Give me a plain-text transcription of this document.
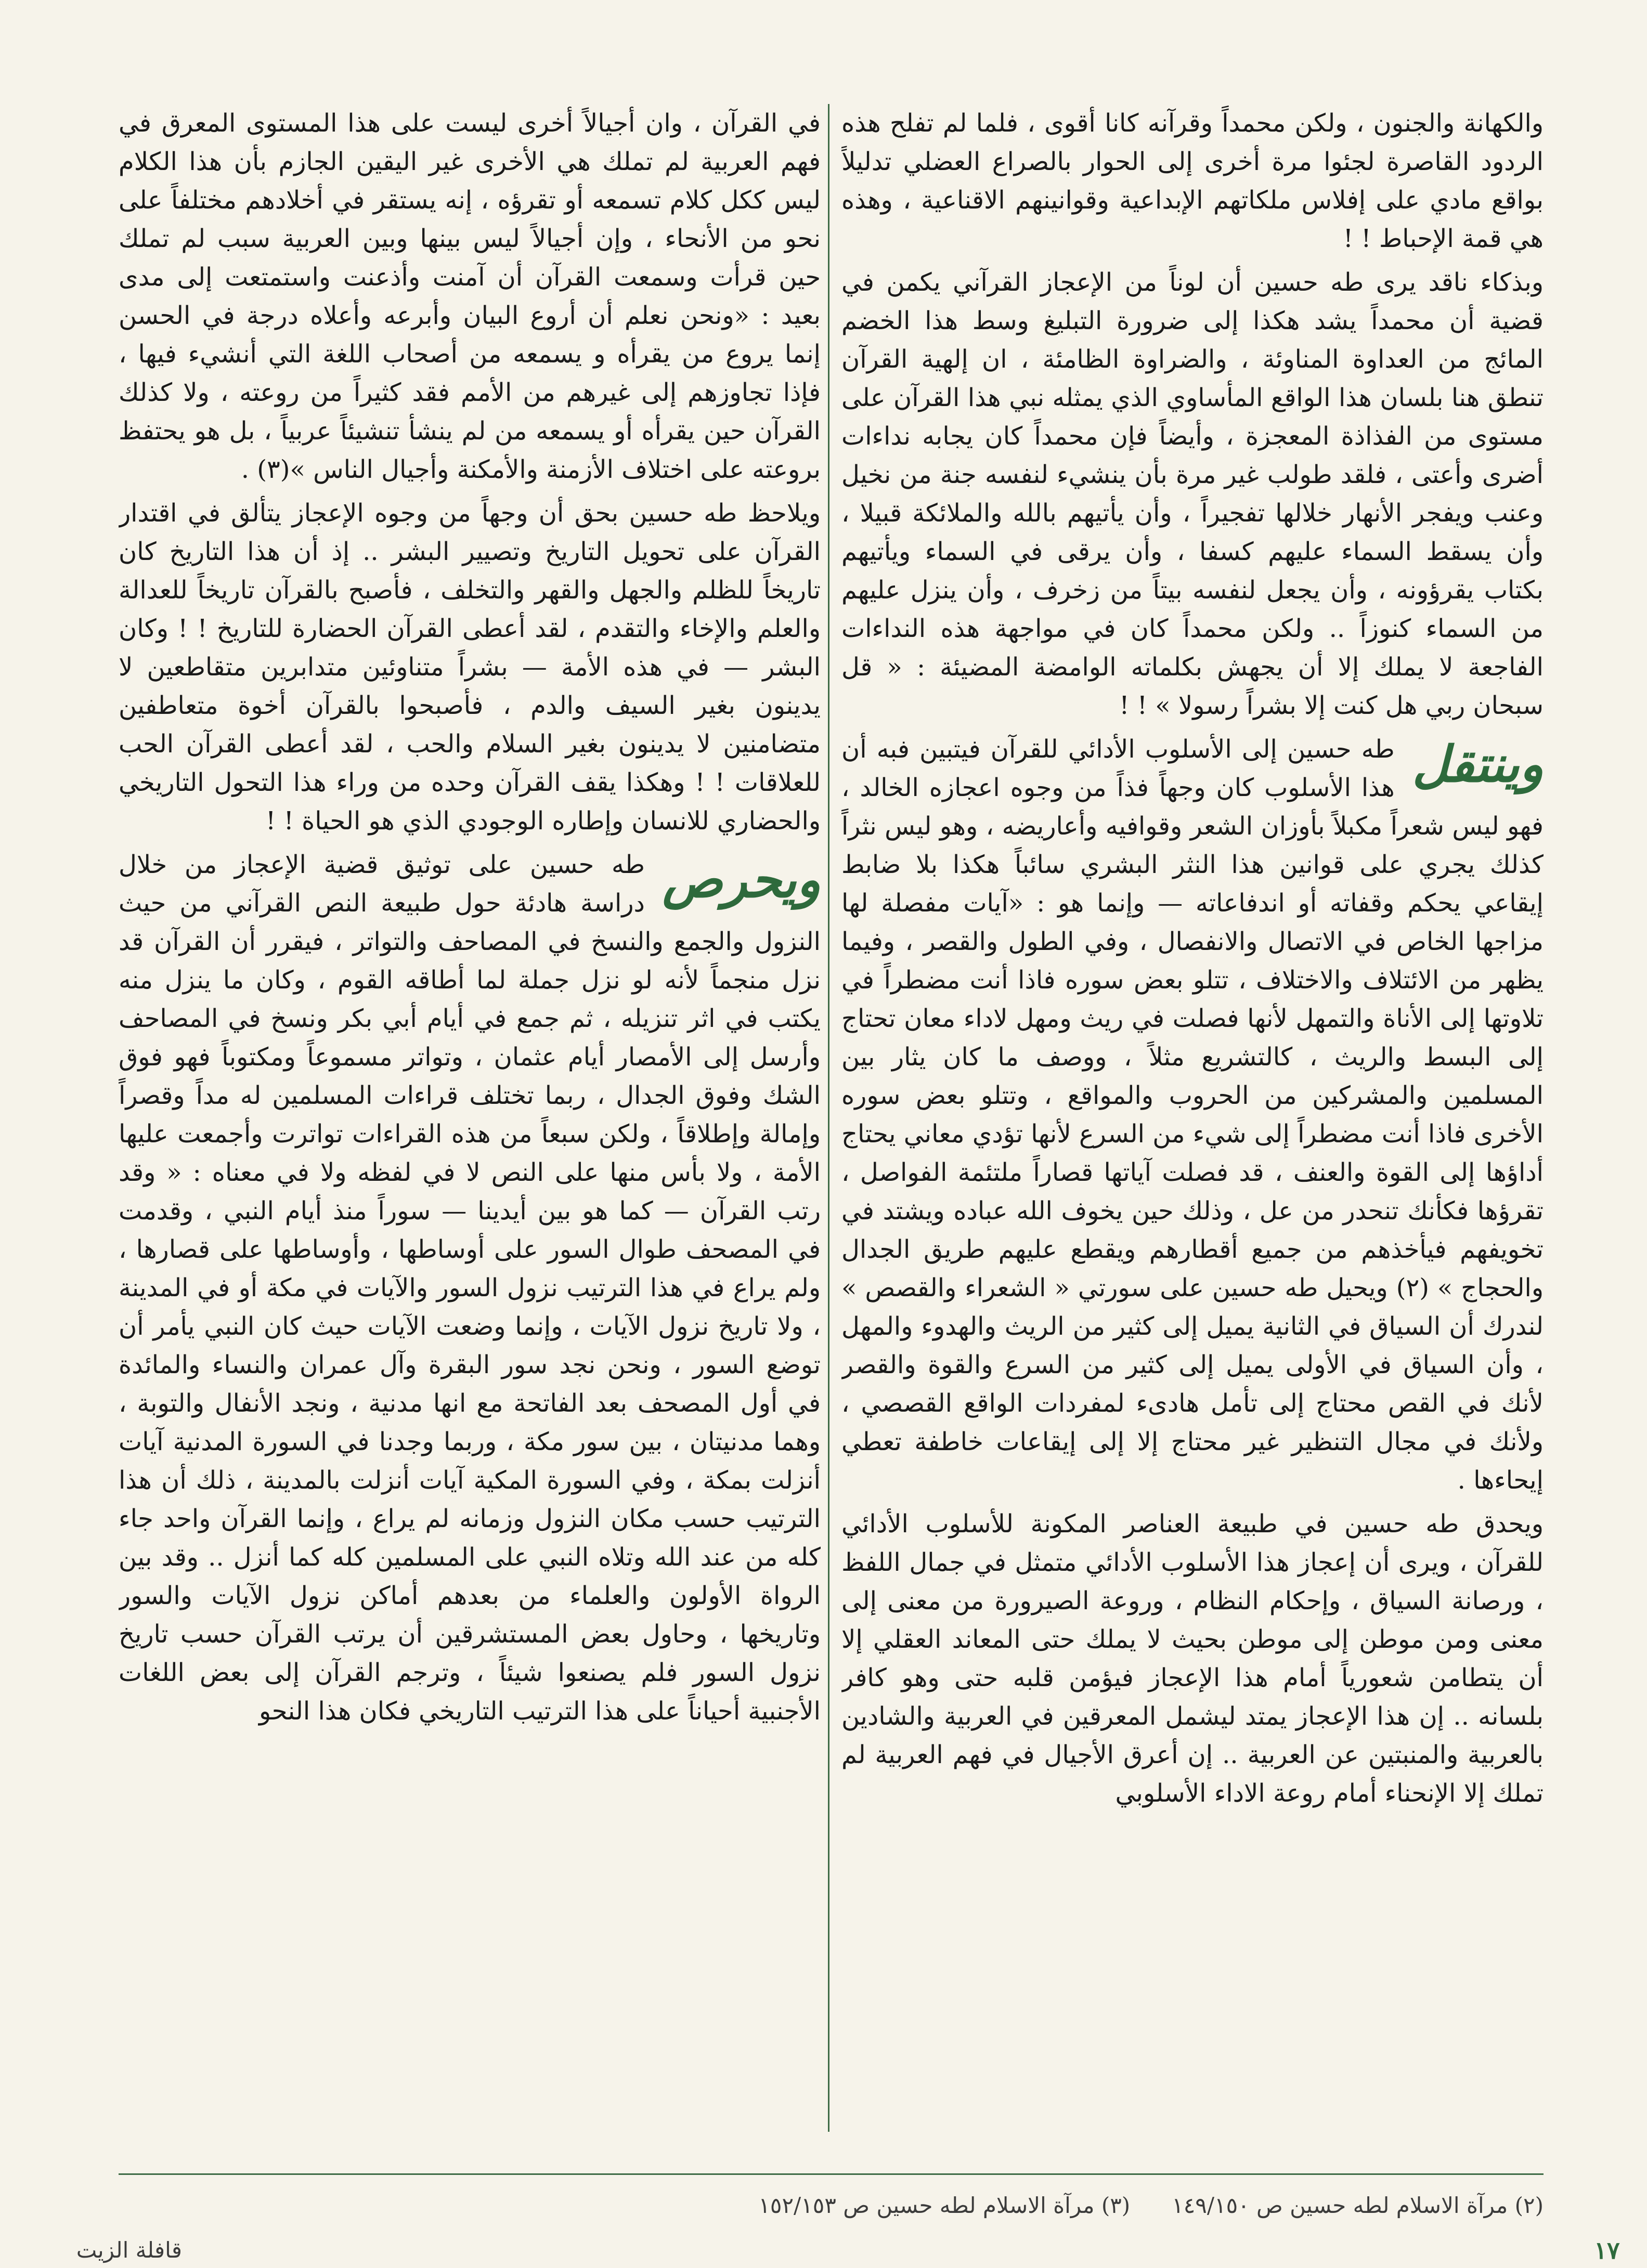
والكهانة والجنون ، ولكن محمداً وقرآنه كانا أقوى ، فلما لم تفلح هذه الردود القاصرة لجئوا مرة أخرى إلى الحوار بالصراع العضلي تدليلاً بواقع مادي على إفلاس ملكاتهم الإبداعية وقوانينهم الاقناعية ، وهذه هي قمة الإحباط ! !

وبذكاء ناقد يرى طه حسين أن لوناً من الإعجاز القرآني يكمن في قضية أن محمداً يشد هكذا إلى ضرورة التبليغ وسط هذا الخضم المائج من العداوة المناوئة ، والضراوة الظامئة ، ان إلهية القرآن تنطق هنا بلسان هذا الواقع المأساوي الذي يمثله نبي هذا القرآن على مستوى من الفذاذة المعجزة ، وأيضاً فإن محمداً كان يجابه نداءات أضرى وأعتى ، فلقد طولب غير مرة بأن ينشيء لنفسه جنة من نخيل وعنب ويفجر الأنهار خلالها تفجيراً ، وأن يأتيهم بالله والملائكة قبيلا ، وأن يسقط السماء عليهم كسفا ، وأن يرقى في السماء ويأتيهم بكتاب يقرؤونه ، وأن يجعل لنفسه بيتاً من زخرف ، وأن ينزل عليهم من السماء كنوزاً .. ولكن محمداً كان في مواجهة هذه النداءات الفاجعة لا يملك إلا أن يجهش بكلماته الوامضة المضيئة : « قل سبحان ربي هل كنت إلا بشراً رسولا » ! !

وينتقل
طه حسين إلى الأسلوب الأدائي للقرآن فيتبين فبه أن هذا الأسلوب كان وجهاً فذاً من وجوه اعجازه الخالد ، فهو ليس شعراً مكبلاً بأوزان الشعر وقوافيه وأعاريضه ، وهو ليس نثراً كذلك يجري على قوانين هذا النثر البشري سائباً هكذا بلا ضابط إيقاعي يحكم وقفاته أو اندفاعاته — وإنما هو : «آيات مفصلة لها مزاجها الخاص في الاتصال والانفصال ، وفي الطول والقصر ، وفيما يظهر من الائتلاف والاختلاف ، تتلو بعض سوره فاذا أنت مضطراً في تلاوتها إلى الأناة والتمهل لأنها فصلت في ريث ومهل لاداء معان تحتاج إلى البسط والريث ، كالتشريع مثلاً ، ووصف ما كان يثار بين المسلمين والمشركين من الحروب والمواقع ، وتتلو بعض سوره الأخرى فاذا أنت مضطراً إلى شيء من السرع لأنها تؤدي معاني يحتاج أداؤها إلى القوة والعنف ، قد فصلت آياتها قصاراً ملتئمة الفواصل ، تقرؤها فكأنك تنحدر من عل ، وذلك حين يخوف الله عباده ويشتد في تخويفهم فيأخذهم من جميع أقطارهم ويقطع عليهم طريق الجدال والحجاج » (٢) ويحيل طه حسين على سورتي « الشعراء والقصص » لندرك أن السياق في الثانية يميل إلى كثير من الريث والهدوء والمهل ، وأن السياق في الأولى يميل إلى كثير من السرع والقوة والقصر لأنك في القص محتاج إلى تأمل هادىء لمفردات الواقع القصصي ، ولأنك في مجال التنظير غير محتاج إلا إلى إيقاعات خاطفة تعطي إيحاءها .

ويحدق طه حسين في طبيعة العناصر المكونة للأسلوب الأدائي للقرآن ، ويرى أن إعجاز هذا الأسلوب الأدائي متمثل في جمال اللفظ ، ورصانة السياق ، وإحكام النظام ، وروعة الصيرورة من معنى إلى معنى ومن موطن إلى موطن بحيث لا يملك حتى المعاند العقلي إلا أن يتطامن شعورياً أمام هذا الإعجاز فيؤمن قلبه حتى وهو كافر بلسانه .. إن هذا الإعجاز يمتد ليشمل المعرقين في العربية والشادين بالعربية والمنبتين عن العربية .. إن أعرق الأجيال في فهم العربية لم تملك إلا الإنحناء أمام روعة الاداء الأسلوبي

في القرآن ، وان أجيالاً أخرى ليست على هذا المستوى المعرق في فهم العربية لم تملك هي الأخرى غير اليقين الجازم بأن هذا الكلام ليس ككل كلام تسمعه أو تقرؤه ، إنه يستقر في أخلادهم مختلفاً على نحو من الأنحاء ، وإن أجيالاً ليس بينها وبين العربية سبب لم تملك حين قرأت وسمعت القرآن أن آمنت وأذعنت واستمتعت إلى مدى بعيد : «ونحن نعلم أن أروع البيان وأبرعه وأعلاه درجة في الحسن إنما يروع من يقرأه و يسمعه من أصحاب اللغة التي أنشيء فيها ، فإذا تجاوزهم إلى غيرهم من الأمم فقد كثيراً من روعته ، ولا كذلك القرآن حين يقرأه أو يسمعه من لم ينشأ تنشيئاً عربياً ، بل هو يحتفظ بروعته على اختلاف الأزمنة والأمكنة وأجيال الناس »(٣) .

ويلاحظ طه حسين بحق أن وجهاً من وجوه الإعجاز يتألق في اقتدار القرآن على تحويل التاريخ وتصيير البشر .. إذ أن هذا التاريخ كان تاريخاً للظلم والجهل والقهر والتخلف ، فأصبح بالقرآن تاريخاً للعدالة والعلم والإخاء والتقدم ، لقد أعطى القرآن الحضارة للتاريخ ! ! وكان البشر — في هذه الأمة — بشراً متناوئين متدابرين متقاطعين لا يدينون بغير السيف والدم ، فأصبحوا بالقرآن أخوة متعاطفين متضامنين لا يدينون بغير السلام والحب ، لقد أعطى القرآن الحب للعلاقات ! ! وهكذا يقف القرآن وحده من وراء هذا التحول التاريخي والحضاري للانسان وإطاره الوجودي الذي هو الحياة ! !

ويحرص
طه حسين على توثيق قضية الإعجاز من خلال دراسة هادئة حول طبيعة النص القرآني من حيث النزول والجمع والنسخ في المصاحف والتواتر ، فيقرر أن القرآن قد نزل منجماً لأنه لو نزل جملة لما أطاقه القوم ، وكان ما ينزل منه يكتب في اثر تنزيله ، ثم جمع في أيام أبي بكر ونسخ في المصاحف وأرسل إلى الأمصار أيام عثمان ، وتواتر مسموعاً ومكتوباً فهو فوق الشك وفوق الجدال ، ربما تختلف قراءات المسلمين له مداً وقصراً وإمالة وإطلاقاً ، ولكن سبعاً من هذه القراءات تواترت وأجمعت عليها الأمة ، ولا بأس منها على النص لا في لفظه ولا في معناه : « وقد رتب القرآن — كما هو بين أيدينا — سوراً منذ أيام النبي ، وقدمت في المصحف طوال السور على أوساطها ، وأوساطها على قصارها ، ولم يراع في هذا الترتيب نزول السور والآيات في مكة أو في المدينة ، ولا تاريخ نزول الآيات ، وإنما وضعت الآيات حيث كان النبي يأمر أن توضع السور ، ونحن نجد سور البقرة وآل عمران والنساء والمائدة في أول المصحف بعد الفاتحة مع انها مدنية ، ونجد الأنفال والتوبة ، وهما مدنيتان ، بين سور مكة ، وربما وجدنا في السورة المدنية آيات أنزلت بمكة ، وفي السورة المكية آيات أنزلت بالمدينة ، ذلك أن هذا الترتيب حسب مكان النزول وزمانه لم يراع ، وإنما القرآن واحد جاء كله من عند الله وتلاه النبي على المسلمين كله كما أنزل .. وقد بين الرواة الأولون والعلماء من بعدهم أماكن نزول الآيات والسور وتاريخها ، وحاول بعض المستشرقين أن يرتب القرآن حسب تاريخ نزول السور فلم يصنعوا شيئاً ، وترجم القرآن إلى بعض اللغات الأجنبية أحياناً على هذا الترتيب التاريخي فكان هذا النحو

(٢) مرآة الاسلام لطه حسين ص ١٤٩/١٥٠
(٣) مرآة الاسلام لطه حسين ص ١٥٢/١٥٣
١٧
قافلة الزيت
